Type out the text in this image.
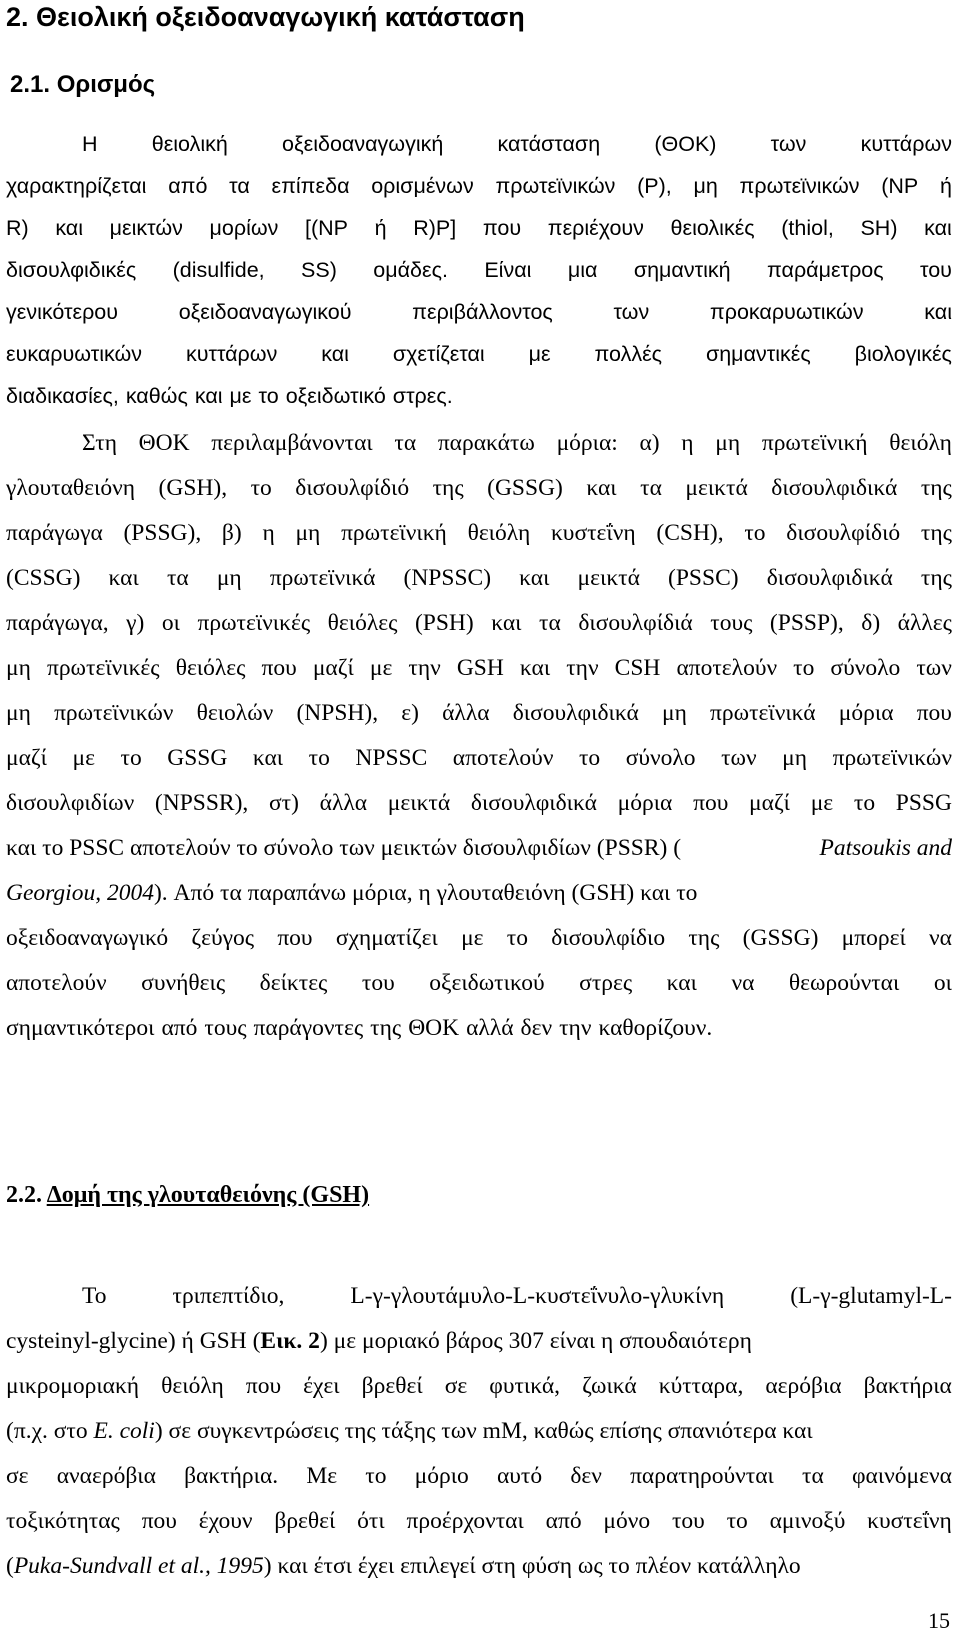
2. Θειολική οξειδοαναγωγική κατάσταση
2.1. Ορισμός
Η	θειολική	οξειδοαναγωγική	κατάσταση	(ΘΟΚ)	των	κυττάρων
χαρακτηρίζεται από τα επίπεδα ορισμένων πρωτεϊνικών (P), μη πρωτεϊνικών (NP ή
R) και μεικτών μορίων [(NP ή R)P] που περιέχουν θειολικές (thiol, SH) και
δισουλφιδικές (disulfide, SS) ομάδες. Είναι μια σημαντική παράμετρος του
γενικότερου	οξειδοαναγωγικού	περιβάλλοντος	των	προκαρυωτικών	και
ευκαρυωτικών κυττάρων και σχετίζεται με πολλές σημαντικές βιολογικές
διαδικασίες, καθώς και με το οξειδωτικό στρες.
Στη ΘΟΚ περιλαμβάνονται τα παρακάτω μόρια: α) η μη πρωτεϊνική θειόλη
γλουταθειόνη (GSH), το δισουλφίδιό της (GSSG) και τα μεικτά δισουλφιδικά της
παράγωγα (PSSG), β) η μη πρωτεϊνική θειόλη κυστεΐνη (CSH), το δισουλφίδιό της
(CSSG) και τα μη πρωτεϊνικά (NPSSC) και μεικτά (PSSC) δισουλφιδικά της
παράγωγα, γ) οι πρωτεϊνικές θειόλες (PSH) και τα δισουλφίδιά τους (PSSP), δ) άλλες
μη πρωτεϊνικές θειόλες που μαζί με την GSH και την CSH αποτελούν το σύνολο των
μη πρωτεϊνικών θειολών (NPSH), ε) άλλα δισουλφιδικά μη πρωτεϊνικά μόρια που
μαζί με το GSSG και το NPSSC αποτελούν το σύνολο των μη πρωτεϊνικών
δισουλφιδίων (NPSSR), στ) άλλα μεικτά δισουλφιδικά μόρια που μαζί με το PSSG
και το PSSC αποτελούν το σύνολο των μεικτών δισουλφιδίων (PSSR) (	Patsoukis and
Georgiou, 2004). Από τα παραπάνω μόρια, η γλουταθειόνη (GSH) και το
οξειδοαναγωγικό ζεύγος που σχηματίζει με το δισουλφίδιο της (GSSG) μπορεί να
αποτελούν συνήθεις δείκτες του οξειδωτικού στρες και να θεωρούνται οι
σημαντικότεροι από τους παράγοντες της ΘΟΚ αλλά δεν την καθορίζουν.
2.2. Δομή της γλουταθειόνης (GSH)
Το	τριπεπτίδιο,	L-γ-γλουτάμυλο-L-κυστεΐνυλο-γλυκίνη	(L-γ-glutamyl-L-
cysteinyl-glycine) ή GSH (Εικ. 2) με μοριακό βάρος 307 είναι η σπουδαιότερη
μικρομοριακή θειόλη που έχει βρεθεί σε φυτικά, ζωικά κύτταρα, αερόβια βακτήρια
(π.χ. στο E. coli) σε συγκεντρώσεις της τάξης των mM, καθώς επίσης σπανιότερα και
σε αναερόβια βακτήρια. Με το μόριο αυτό δεν παρατηρούνται τα φαινόμενα
τοξικότητας που έχουν βρεθεί ότι προέρχονται από μόνο του το αμινοξύ κυστεΐνη
(Puka-Sundvall et al., 1995) και έτσι έχει επιλεγεί στη φύση ως το πλέον κατάλληλο
15
